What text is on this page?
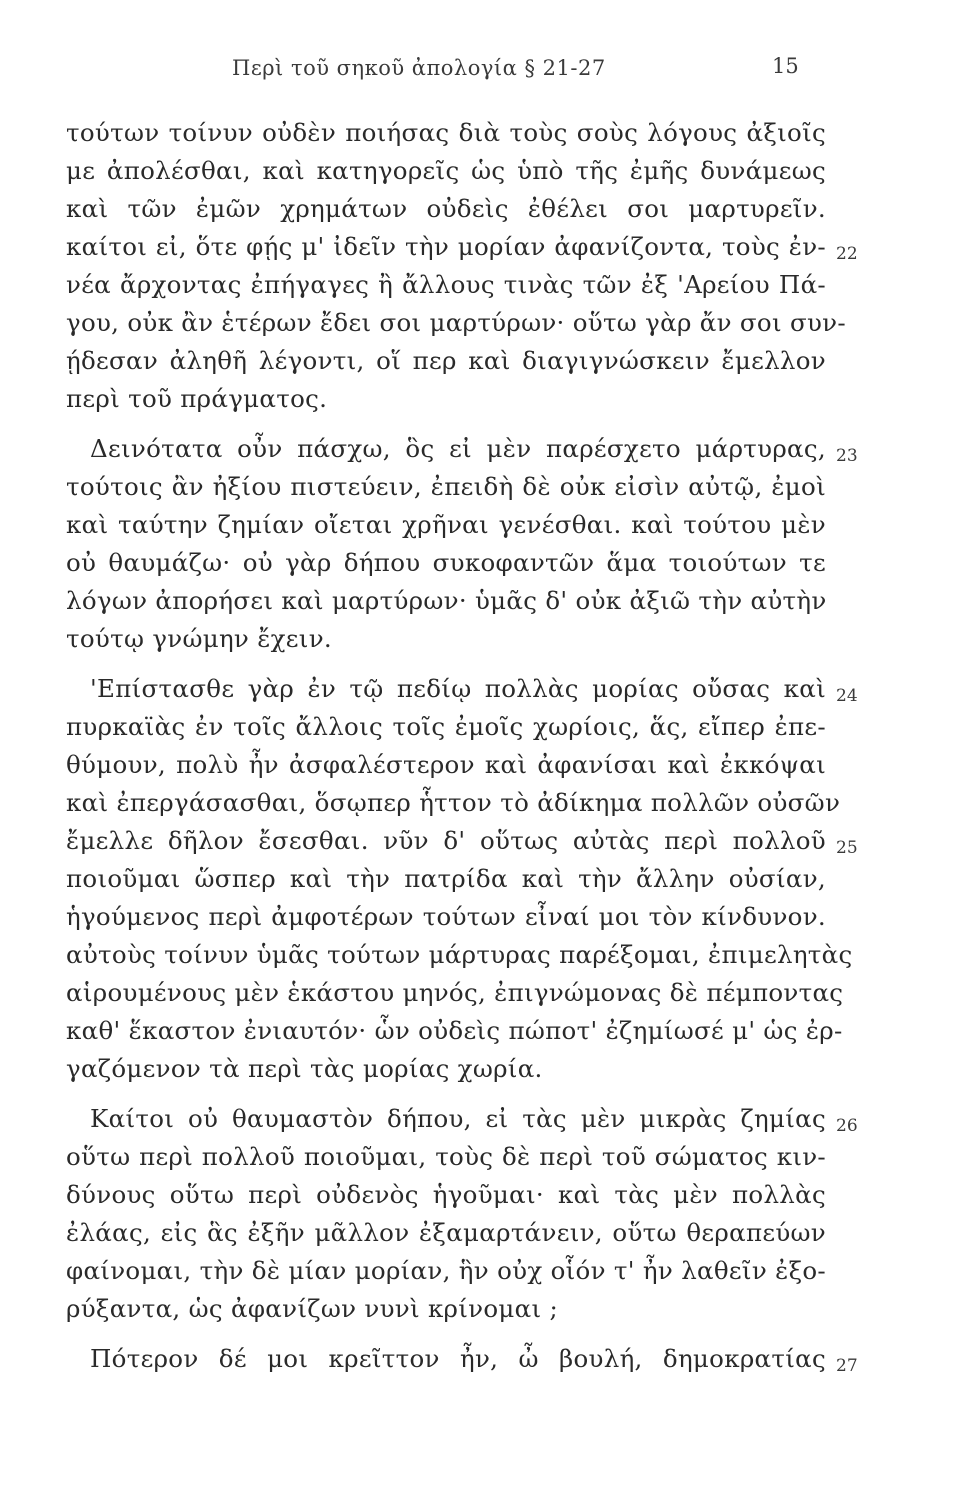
Περὶ τοῦ σηκοῦ ἀπολογία § 21-27	15
τούτων τοίνυν οὐδὲν ποιήσας διὰ τοὺς σοὺς λόγους ἀξιοῖς
με ἀπολέσθαι, καὶ κατηγορεῖς ὡς ὑπὸ τῆς ἐμῆς δυνάμεως
καὶ τῶν ἐμῶν χρημάτων οὐδεὶς ἐθέλει σοι μαρτυρεῖν.
καίτοι εἰ, ὅτε φῄς μ' ἰδεῖν τὴν μορίαν ἀφανίζοντα, τοὺς ἐν-
νέα ἄρχοντας ἐπήγαγες ἢ ἄλλους τινὰς τῶν ἐξ 'Αρείου Πά-
γου, οὐκ ἂν ἑτέρων ἔδει σοι μαρτύρων· οὕτω γὰρ ἄν σοι συν-
ῄδεσαν ἀληθῆ λέγοντι, οἵ περ καὶ διαγιγνώσκειν ἔμελλον
περὶ τοῦ πράγματος.
Δεινότατα οὖν πάσχω, ὃς εἰ μὲν παρέσχετο μάρτυρας,
τούτοις ἂν ἠξίου πιστεύειν, ἐπειδὴ δὲ οὐκ εἰσὶν αὐτῷ, ἐμοὶ
καὶ ταύτην ζημίαν οἴεται χρῆναι γενέσθαι. καὶ τούτου μὲν
οὐ θαυμάζω· οὐ γὰρ δήπου συκοφαντῶν ἅμα τοιούτων τε
λόγων ἀπορήσει καὶ μαρτύρων· ὑμᾶς δ' οὐκ ἀξιῶ τὴν αὐτὴν
τούτῳ γνώμην ἔχειν.
'Επίστασθε γὰρ ἐν τῷ πεδίῳ πολλὰς μορίας οὔσας καὶ
πυρκαϊὰς ἐν τοῖς ἄλλοις τοῖς ἐμοῖς χωρίοις, ἅς, εἴπερ ἐπε-
θύμουν, πολὺ ἦν ἀσφαλέστερον καὶ ἀφανίσαι καὶ ἐκκόψαι
καὶ ἐπεργάσασθαι, ὅσῳπερ ἧττον τὸ ἀδίκημα πολλῶν οὐσῶν
ἔμελλε δῆλον ἔσεσθαι. νῦν δ' οὕτως αὐτὰς περὶ πολλοῦ
ποιοῦμαι ὥσπερ καὶ τὴν πατρίδα καὶ τὴν ἄλλην οὐσίαν,
ἡγούμενος περὶ ἀμφοτέρων τούτων εἶναί μοι τὸν κίνδυνον.
αὐτοὺς τοίνυν ὑμᾶς τούτων μάρτυρας παρέξομαι, ἐπιμελητὰς
αἱρουμένους μὲν ἑκάστου μηνός, ἐπιγνώμονας δὲ πέμποντας
καθ' ἕκαστον ἐνιαυτόν· ὧν οὐδεὶς πώποτ' ἐζημίωσέ μ' ὡς ἐρ-
γαζόμενον τὰ περὶ τὰς μορίας χωρία.
Καίτοι οὐ θαυμαστὸν δήπου, εἰ τὰς μὲν μικρὰς ζημίας
οὕτω περὶ πολλοῦ ποιοῦμαι, τοὺς δὲ περὶ τοῦ σώματος κιν-
δύνους οὕτω περὶ οὐδενὸς ἡγοῦμαι· καὶ τὰς μὲν πολλὰς
ἐλάας, εἰς ἃς ἐξῆν μᾶλλον ἐξαμαρτάνειν, οὕτω θεραπεύων
φαίνομαι, τὴν δὲ μίαν μορίαν, ἣν οὐχ οἷόν τ' ἦν λαθεῖν ἐξο-
ρύξαντα, ὡς ἀφανίζων νυνὶ κρίνομαι ;
Πότερον δέ μοι κρεῖττον ἦν, ὦ βουλή, δημοκρατίας
22
23
24
25
26
27
